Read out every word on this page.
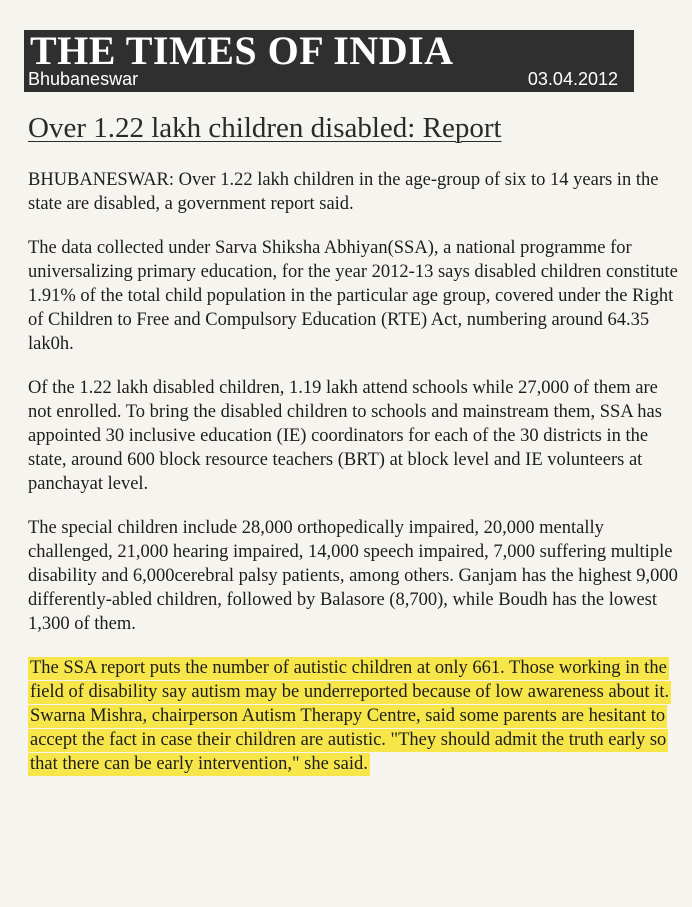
THE TIMES OF INDIA
Bhubaneswar	03.04.2012
Over 1.22 lakh children disabled: Report

BHUBANESWAR: Over 1.22 lakh children in the age-group of six to 14 years in the state are disabled, a government report said.

The data collected under Sarva Shiksha Abhiyan(SSA), a national programme for universalizing primary education, for the year 2012-13 says disabled children constitute 1.91% of the total child population in the particular age group, covered under the Right of Children to Free and Compulsory Education (RTE) Act, numbering around 64.35 lak0h.

Of the 1.22 lakh disabled children, 1.19 lakh attend schools while 27,000 of them are not enrolled. To bring the disabled children to schools and mainstream them, SSA has appointed 30 inclusive education (IE) coordinators for each of the 30 districts in the state, around 600 block resource teachers (BRT) at block level and IE volunteers at panchayat level.

The special children include 28,000 orthopedically impaired, 20,000 mentally challenged, 21,000 hearing impaired, 14,000 speech impaired, 7,000 suffering multiple disability and 6,000cerebral palsy patients, among others. Ganjam has the highest 9,000 differently-abled children, followed by Balasore (8,700), while Boudh has the lowest 1,300 of them.

The SSA report puts the number of autistic children at only 661. Those working in the field of disability say autism may be underreported because of low awareness about it. Swarna Mishra, chairperson Autism Therapy Centre, said some parents are hesitant to accept the fact in case their children are autistic. "They should admit the truth early so that there can be early intervention," she said.
